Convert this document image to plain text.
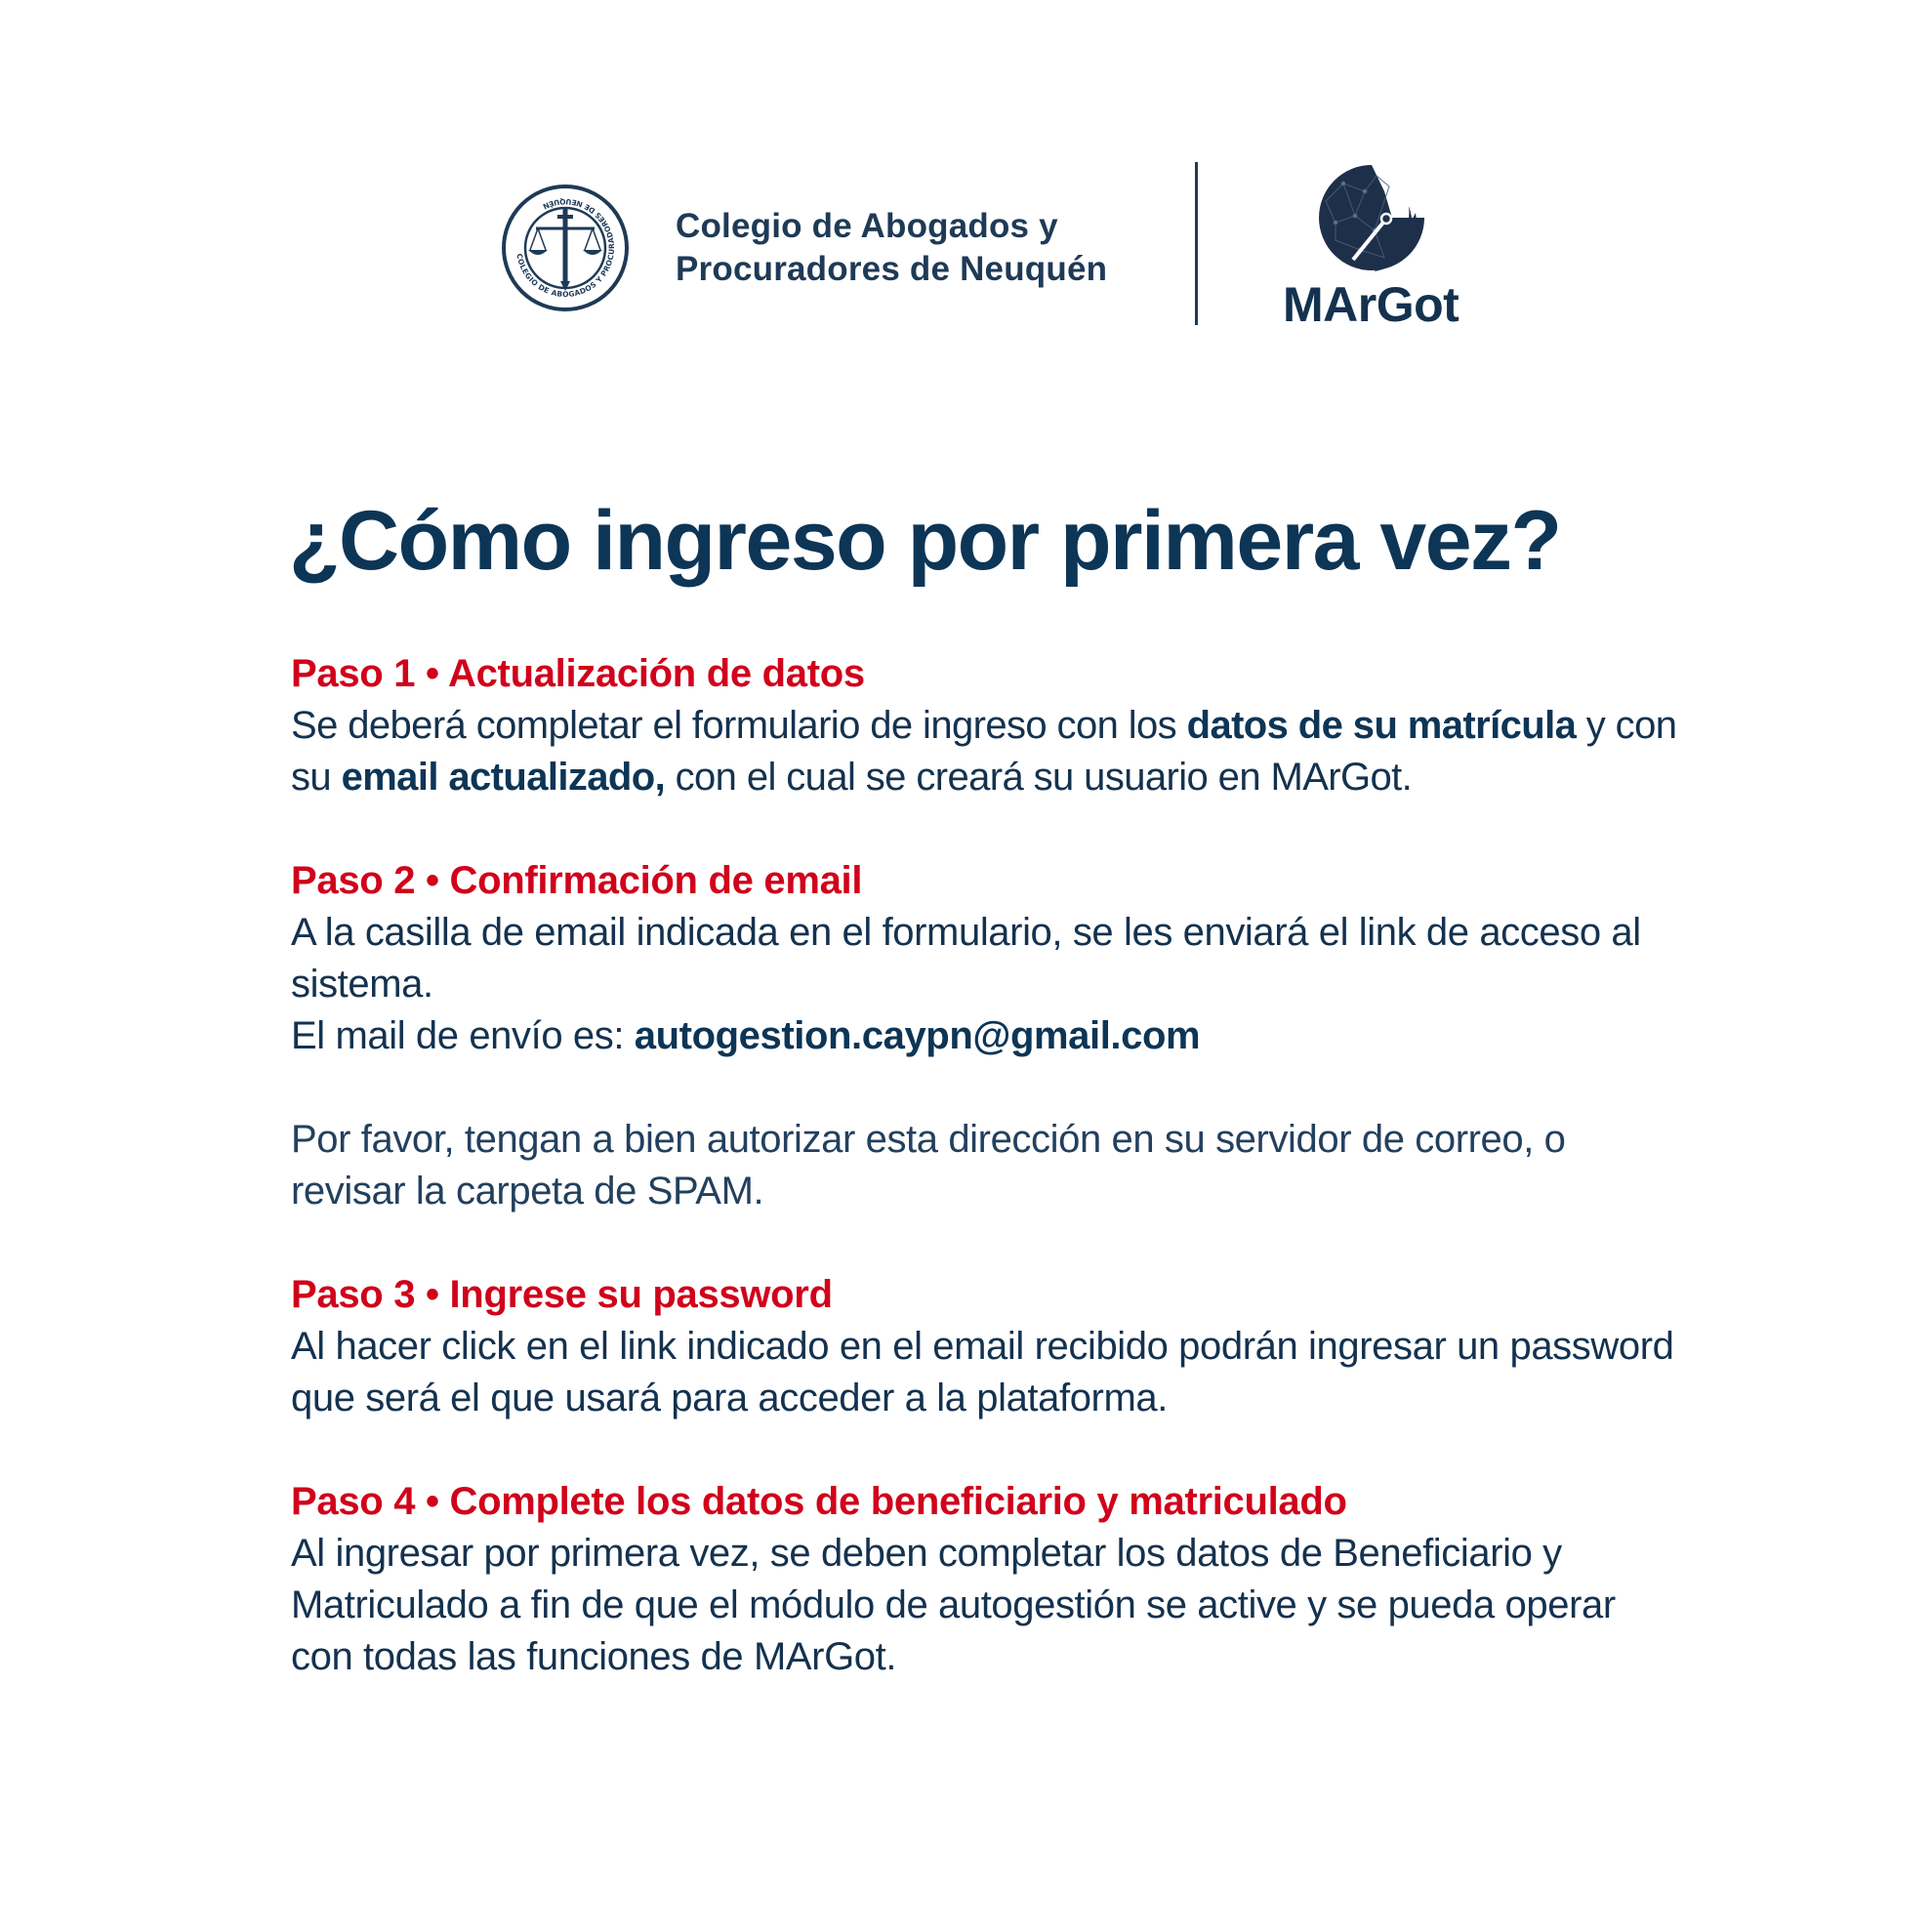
COLEGIO DE ABOGADOS Y PROCURADORES DE NEUQUÉN
Colegio de Abogados y
Procuradores de Neuquén
MArGot
¿Cómo ingreso por primera vez?

Paso 1 • Actualización de datos

Se deberá completar el formulario de ingreso con los datos de su matrícula y con su email actualizado, con el cual se creará su usuario en MArGot.

Paso 2 • Confirmación de email

A la casilla de email indicada en el formulario, se les enviará el link de acceso al sistema.

El mail de envío es: autogestion.caypn@gmail.com

Por favor, tengan a bien autorizar esta dirección en su servidor de correo, o revisar la carpeta de SPAM.

Paso 3 • Ingrese su password

Al hacer click en el link indicado en el email recibido podrán ingresar un password que será el que usará para acceder a la plataforma.

Paso 4 • Complete los datos de beneficiario y matriculado

Al ingresar por primera vez, se deben completar los datos de Beneficiario y Matriculado a fin de que el módulo de autogestión se active y se pueda operar con todas las funciones de MArGot.
